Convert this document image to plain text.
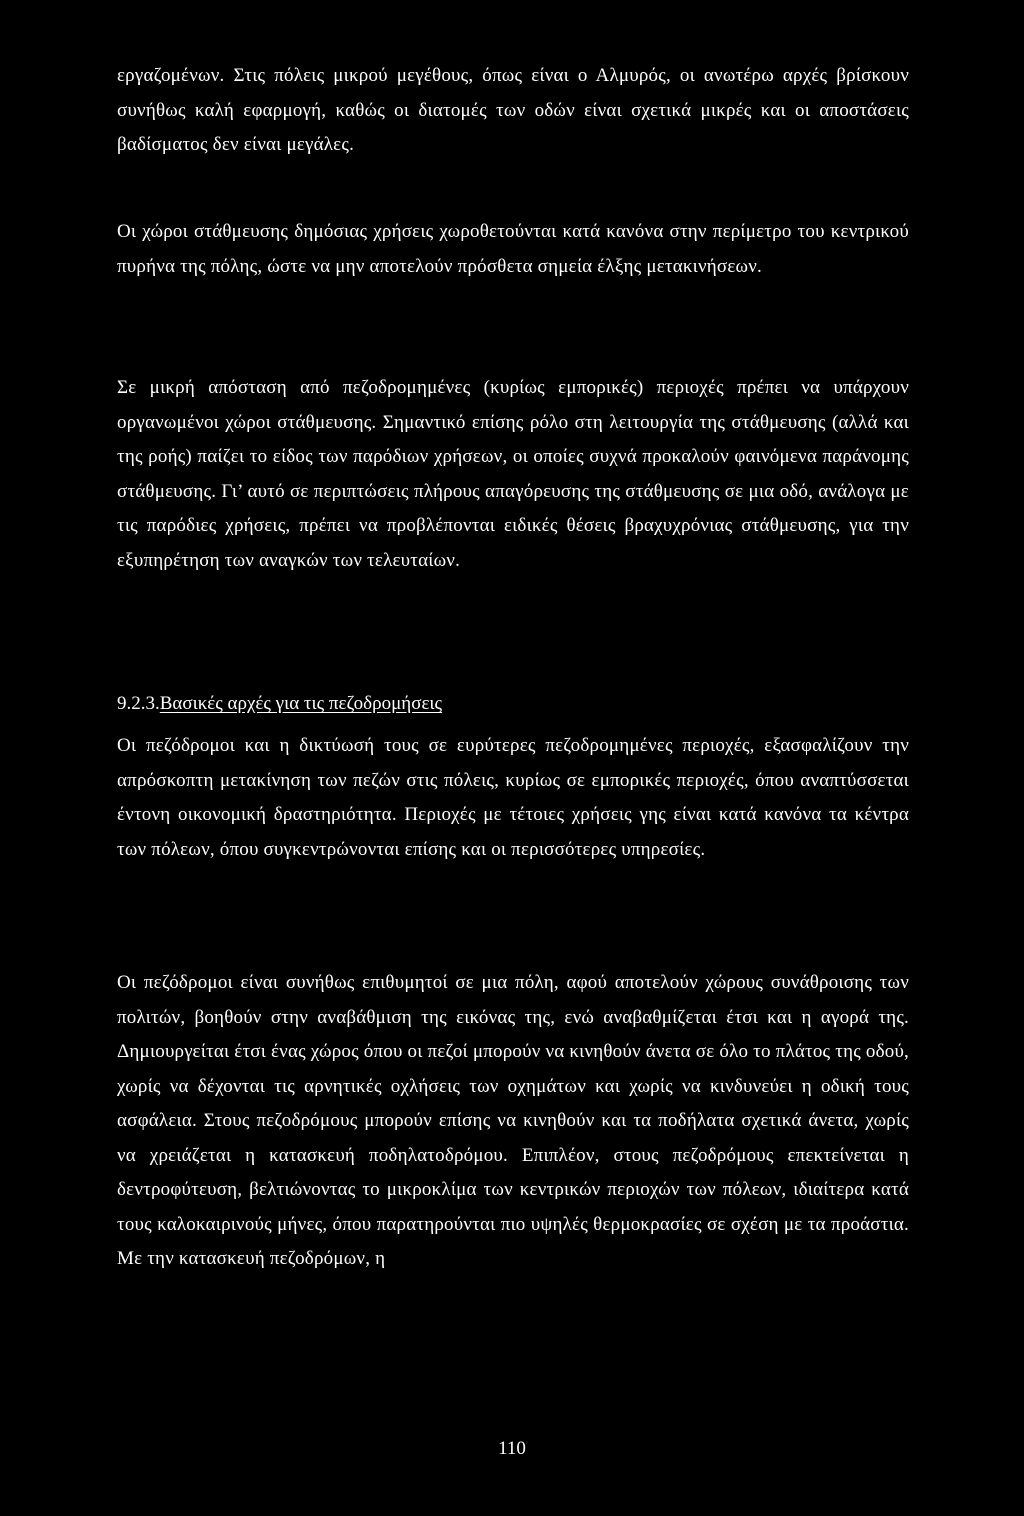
εργαζομένων. Στις πόλεις μικρού μεγέθους, όπως είναι ο Αλμυρός, οι ανωτέρω αρχές βρίσκουν συνήθως καλή εφαρμογή, καθώς οι διατομές των οδών είναι σχετικά μικρές και οι αποστάσεις βαδίσματος δεν είναι μεγάλες.

Οι χώροι στάθμευσης δημόσιας χρήσεις χωροθετούνται κατά κανόνα στην περίμετρο του κεντρικού πυρήνα της πόλης, ώστε να μην αποτελούν πρόσθετα σημεία έλξης μετακινήσεων.

Σε μικρή απόσταση από πεζοδρομημένες (κυρίως εμπορικές) περιοχές πρέπει να υπάρχουν οργανωμένοι χώροι στάθμευσης. Σημαντικό επίσης ρόλο στη λειτουργία της στάθμευσης (αλλά και της ροής) παίζει το είδος των παρόδιων χρήσεων, οι οποίες συχνά προκαλούν φαινόμενα παράνομης στάθμευσης. Γι’ αυτό σε περιπτώσεις πλήρους απαγόρευσης της στάθμευσης σε μια οδό, ανάλογα με τις παρόδιες χρήσεις, πρέπει να προβλέπονται ειδικές θέσεις βραχυχρόνιας στάθμευσης, για την εξυπηρέτηση των αναγκών των τελευταίων.

9.2.3.Βασικές αρχές για τις πεζοδρομήσεις

Οι πεζόδρομοι και η δικτύωσή τους σε ευρύτερες πεζοδρομημένες περιοχές, εξασφαλίζουν την απρόσκοπτη μετακίνηση των πεζών στις πόλεις, κυρίως σε εμπορικές περιοχές, όπου αναπτύσσεται έντονη οικονομική δραστηριότητα. Περιοχές με τέτοιες χρήσεις γης είναι κατά κανόνα τα κέντρα των πόλεων, όπου συγκεντρώνονται επίσης και οι περισσότερες υπηρεσίες.

Οι πεζόδρομοι είναι συνήθως επιθυμητοί σε μια πόλη, αφού αποτελούν χώρους συνάθροισης των πολιτών, βοηθούν στην αναβάθμιση της εικόνας της, ενώ αναβαθμίζεται έτσι και η αγορά της. Δημιουργείται έτσι ένας χώρος όπου οι πεζοί μπορούν να κινηθούν άνετα σε όλο το πλάτος της οδού, χωρίς να δέχονται τις αρνητικές οχλήσεις των οχημάτων και χωρίς να κινδυνεύει η οδική τους ασφάλεια. Στους πεζοδρόμους μπορούν επίσης να κινηθούν και τα ποδήλατα σχετικά άνετα, χωρίς να χρειάζεται η κατασκευή ποδηλατοδρόμου. Επιπλέον, στους πεζοδρόμους επεκτείνεται η δεντροφύτευση, βελτιώνοντας το μικροκλίμα των κεντρικών περιοχών των πόλεων, ιδιαίτερα κατά τους καλοκαιρινούς μήνες, όπου παρατηρούνται πιο υψηλές θερμοκρασίες σε σχέση με τα προάστια. Με την κατασκευή πεζοδρόμων, η

110
